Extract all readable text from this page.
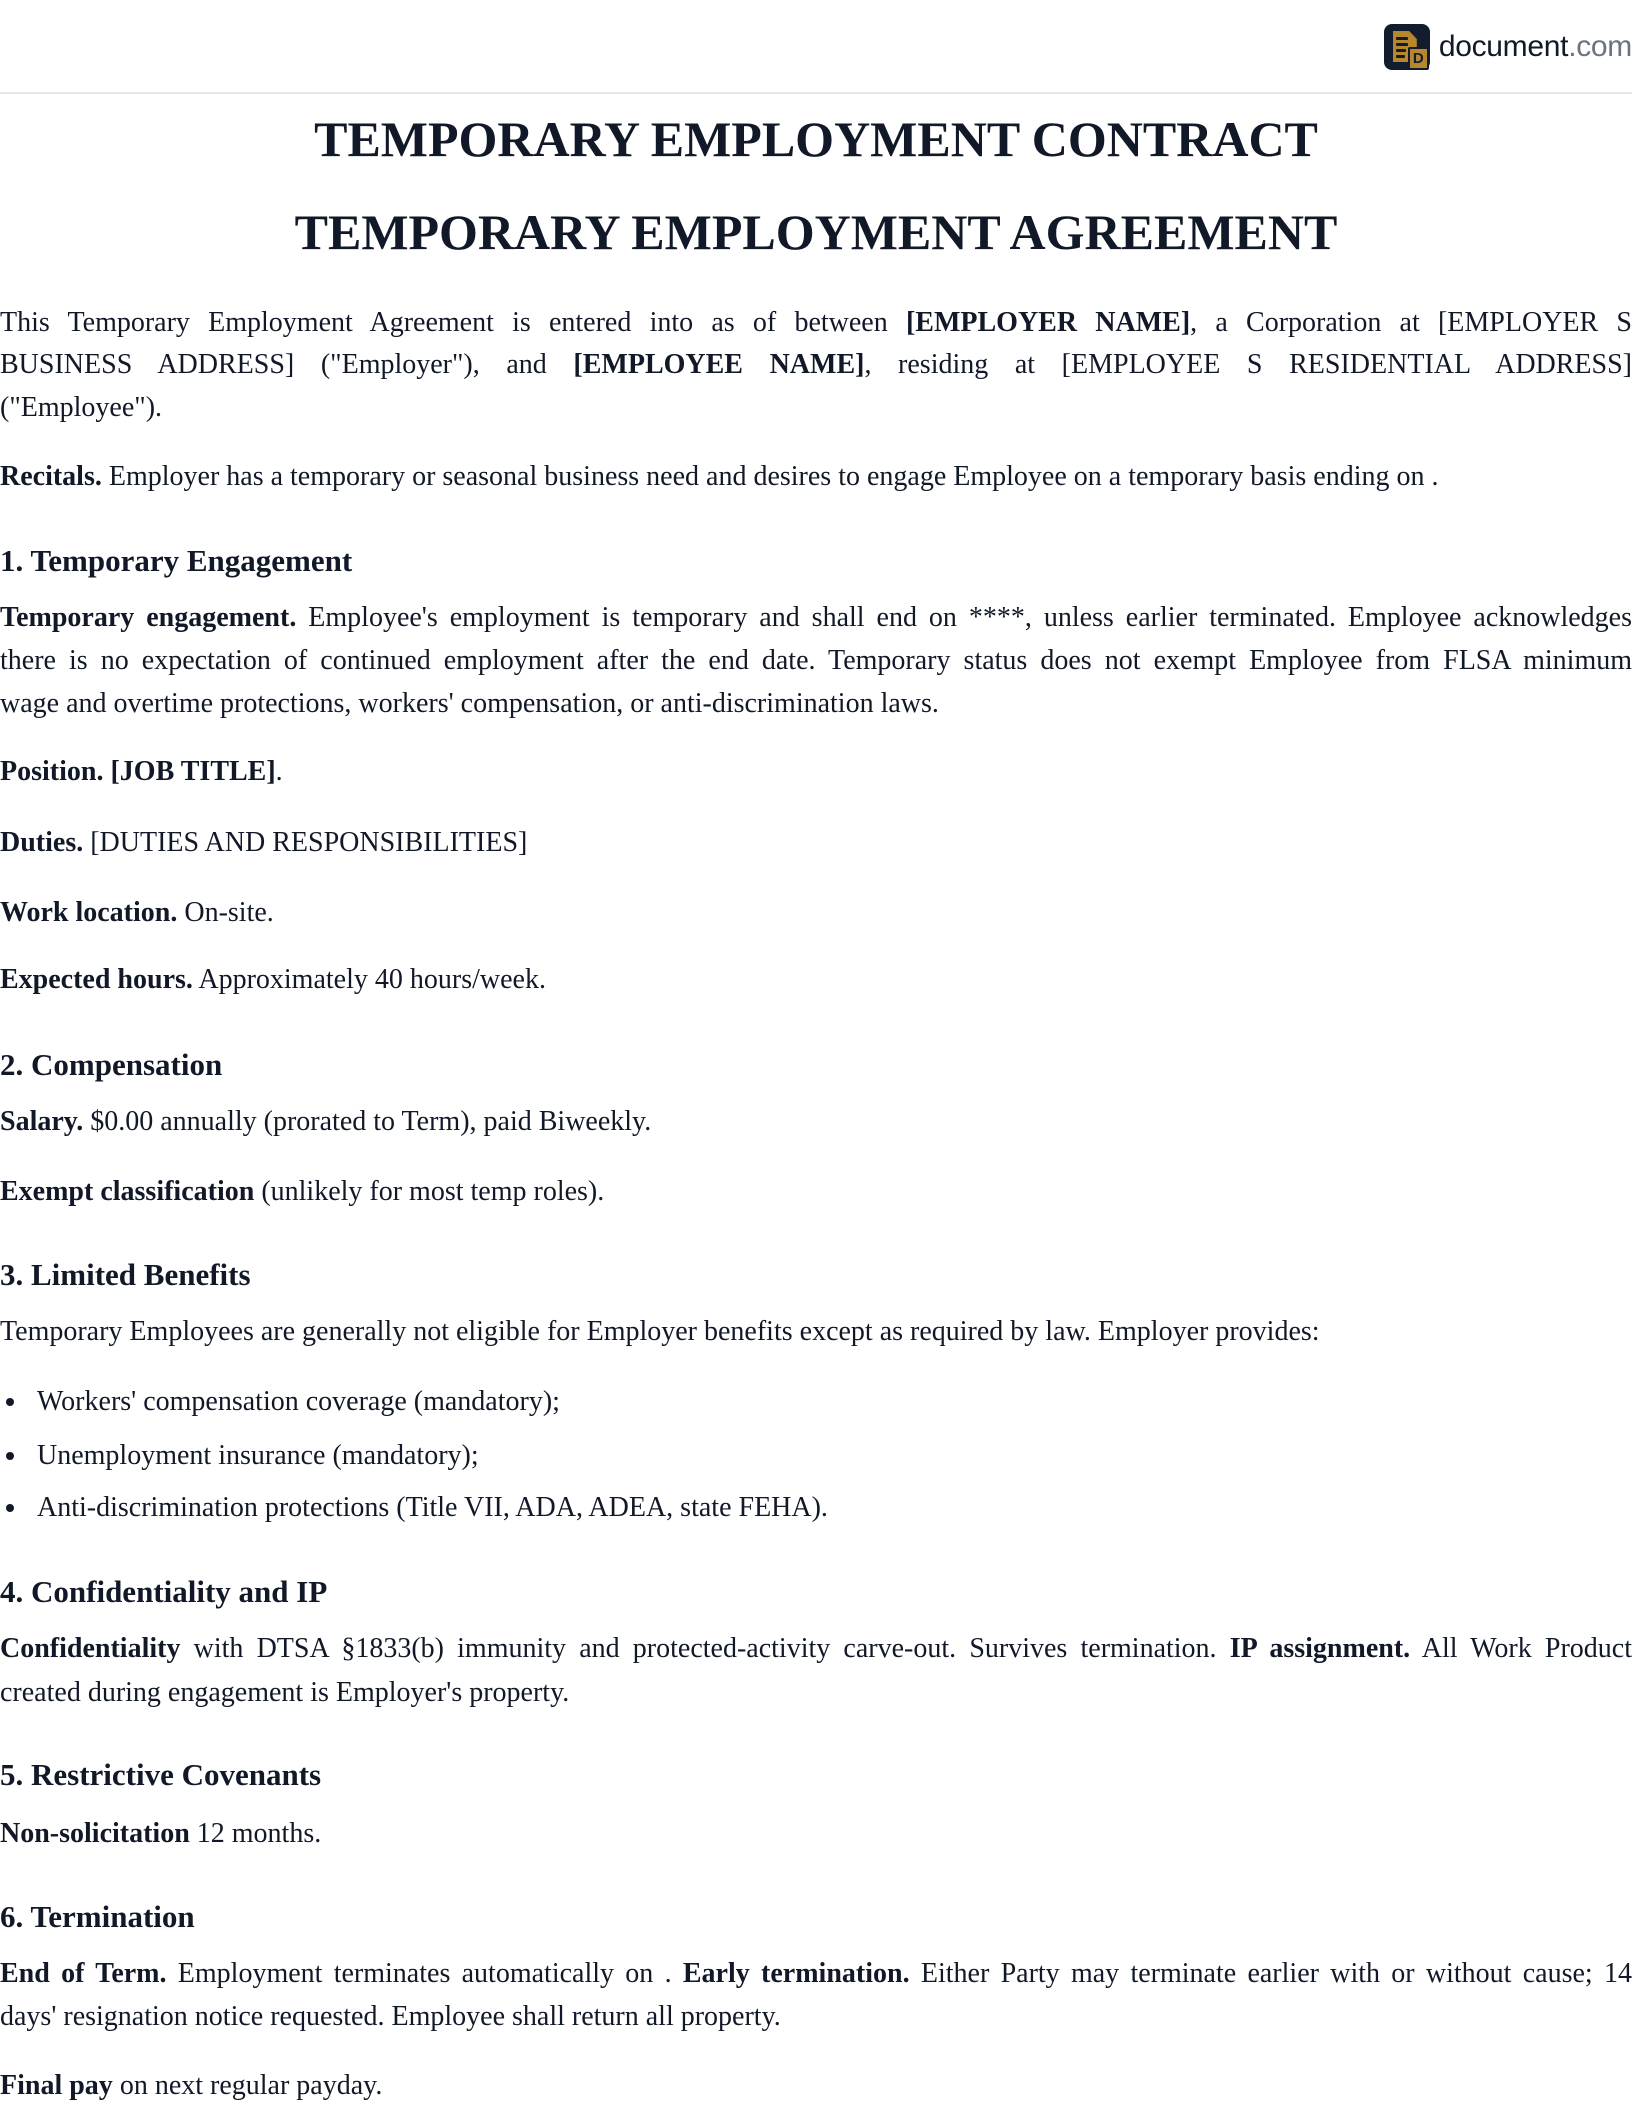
D document.com
TEMPORARY EMPLOYMENT CONTRACT
TEMPORARY EMPLOYMENT AGREEMENT
This Temporary Employment Agreement is entered into as of between [EMPLOYER NAME], a Corporation at [EMPLOYER S
BUSINESS ADDRESS] ("Employer"), and [EMPLOYEE NAME], residing at [EMPLOYEE S RESIDENTIAL ADDRESS]
("Employee").
Recitals. Employer has a temporary or seasonal business need and desires to engage Employee on a temporary basis ending on .
1. Temporary Engagement
Temporary engagement. Employee's employment is temporary and shall end on ****, unless earlier terminated. Employee acknowledges
there is no expectation of continued employment after the end date. Temporary status does not exempt Employee from FLSA minimum
wage and overtime protections, workers' compensation, or anti-discrimination laws.
Position. [JOB TITLE].
Duties. [DUTIES AND RESPONSIBILITIES]
Work location. On-site.
Expected hours. Approximately 40 hours/week.
2. Compensation
Salary. $0.00 annually (prorated to Term), paid Biweekly.
Exempt classification (unlikely for most temp roles).
3. Limited Benefits
Temporary Employees are generally not eligible for Employer benefits except as required by law. Employer provides:
Workers' compensation coverage (mandatory);
Unemployment insurance (mandatory);
Anti-discrimination protections (Title VII, ADA, ADEA, state FEHA).
4. Confidentiality and IP
Confidentiality with DTSA §1833(b) immunity and protected-activity carve-out. Survives termination. IP assignment. All Work Product
created during engagement is Employer's property.
5. Restrictive Covenants
Non-solicitation 12 months.
6. Termination
End of Term. Employment terminates automatically on . Early termination. Either Party may terminate earlier with or without cause; 14
days' resignation notice requested. Employee shall return all property.
Final pay on next regular payday.
